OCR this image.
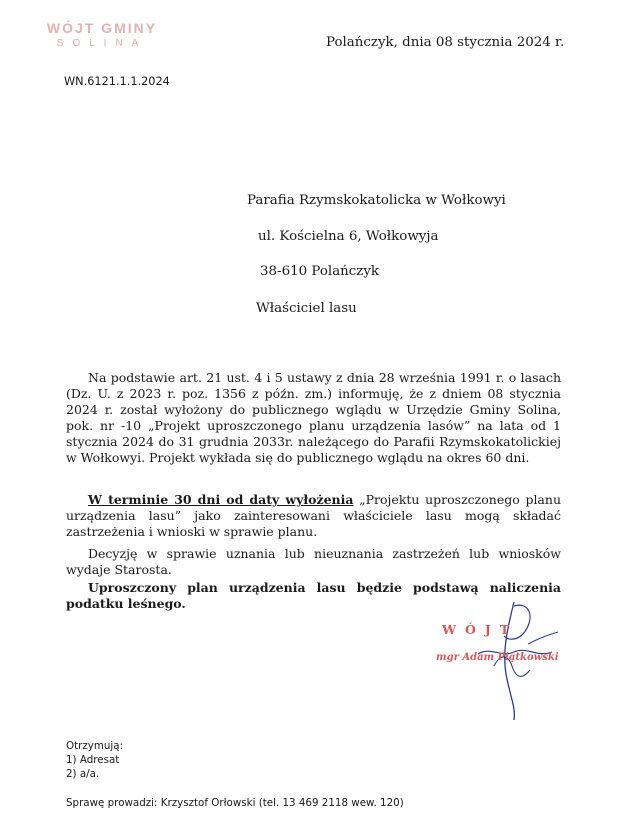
WÓJT GMINY
SOLINA	Polańczyk, dnia 08 stycznia 2024 r.
WN.6121.1.1.2024
Parafia Rzymskokatolicka w Wołkowyi
ul. Kościelna 6, Wołkowyja
38-610 Polańczyk
Właściciel lasu
Na podstawie art. 21 ust. 4 i 5 ustawy z dnia 28 września 1991 r. o lasach (Dz. U. z 2023 r. poz. 1356 z późn. zm.) informuję, że z dniem 08 stycznia 2024 r. został wyłożony do publicznego wglądu w Urzędzie Gminy Solina, pok. nr -10 „Projekt uproszczonego planu urządzenia lasów” na lata od 1 stycznia 2024 do 31 grudnia 2033r. należącego do Parafii Rzymskokatolickiej w Wołkowyi. Projekt wykłada się do publicznego wglądu na okres 60 dni.
W terminie 30 dni od daty wyłożenia „Projektu uproszczonego planu urządzenia lasu” jako zainteresowani właściciele lasu mogą składać zastrzeżenia i wnioski w sprawie planu.
Decyzję w sprawie uznania lub nieuznania zastrzeżeń lub wniosków wydaje Starosta.
Uproszczony plan urządzenia lasu będzie podstawą naliczenia podatku leśnego.
WÓJT
mgr Adam Piątkowski
Otrzymują:
1) Adresat
2) a/a.
Sprawę prowadzi: Krzysztof Orłowski (tel. 13 469 2118 wew. 120)
